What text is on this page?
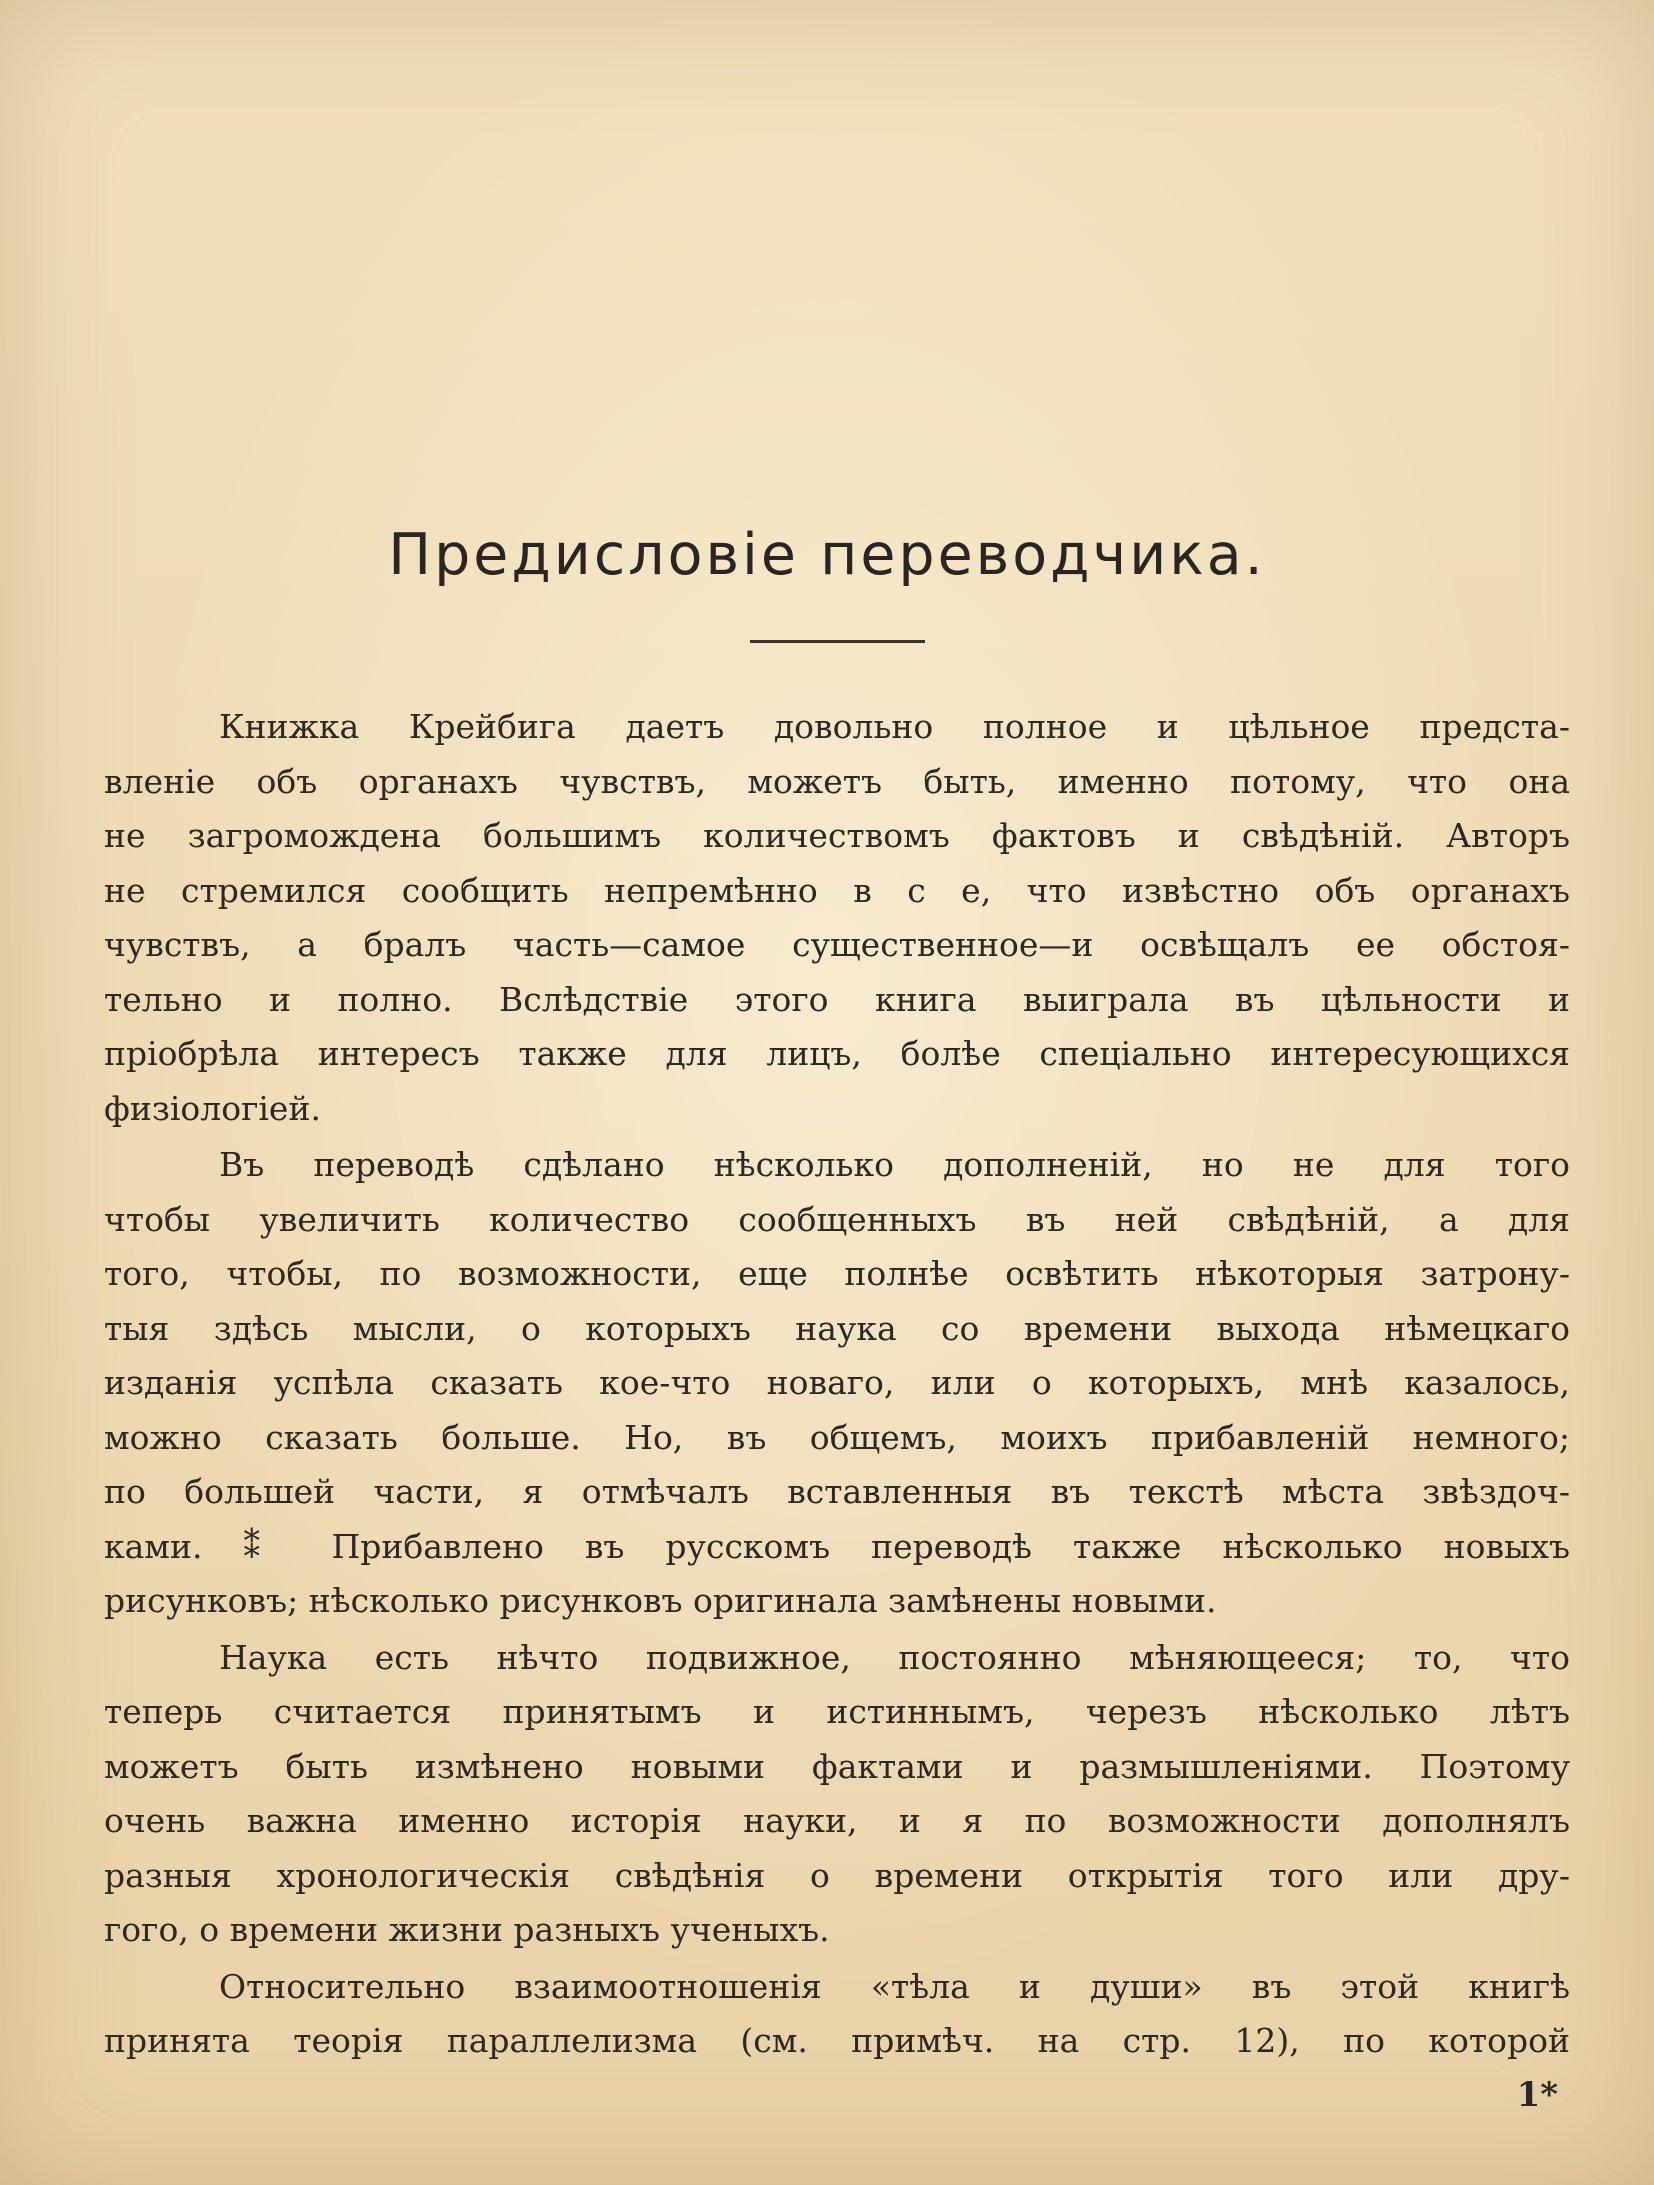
Предисловіе переводчика.
Книжка Крейбига даетъ довольно полное и цѣльное предста-
вленіе объ органахъ чувствъ, можетъ быть, именно потому, что она
не загромождена большимъ количествомъ фактовъ и свѣдѣній. Авторъ
не стремился сообщить непремѣнно в с е, что извѣстно объ органахъ
чувствъ, а бралъ часть—самое существенное—и освѣщалъ ее обстоя-
тельно и полно. Вслѣдствіе этого книга выиграла въ цѣльности и
пріобрѣла интересъ также для лицъ, болѣе спеціально интересующихся
физіологіей.
Въ переводѣ сдѣлано нѣсколько дополненій, но не для того
чтобы увеличить количество сообщенныхъ въ ней свѣдѣній, а для
того, чтобы, по возможности, еще полнѣе освѣтить нѣкоторыя затрону-
тыя здѣсь мысли, о которыхъ наука со времени выхода нѣмецкаго
изданія успѣла сказать кое-что новаго, или о которыхъ, мнѣ казалось,
можно сказать больше. Но, въ общемъ, моихъ прибавленій немного;
по большей части, я отмѣчалъ вставленныя въ текстѣ мѣста звѣздоч-
ками. ⁑ Прибавлено въ русскомъ переводѣ также нѣсколько новыхъ
рисунковъ; нѣсколько рисунковъ оригинала замѣнены новыми.
Наука есть нѣчто подвижное, постоянно мѣняющееся; то, что
теперь считается принятымъ и истиннымъ, черезъ нѣсколько лѣтъ
можетъ быть измѣнено новыми фактами и размышленіями. Поэтому
очень важна именно исторія науки, и я по возможности дополнялъ
разныя хронологическія свѣдѣнія о времени открытія того или дру-
гого, о времени жизни разныхъ ученыхъ.
Относительно взаимоотношенія «тѣла и души» въ этой книгѣ
принята теорія параллелизма (см. примѣч. на стр. 12), по которой
1*
